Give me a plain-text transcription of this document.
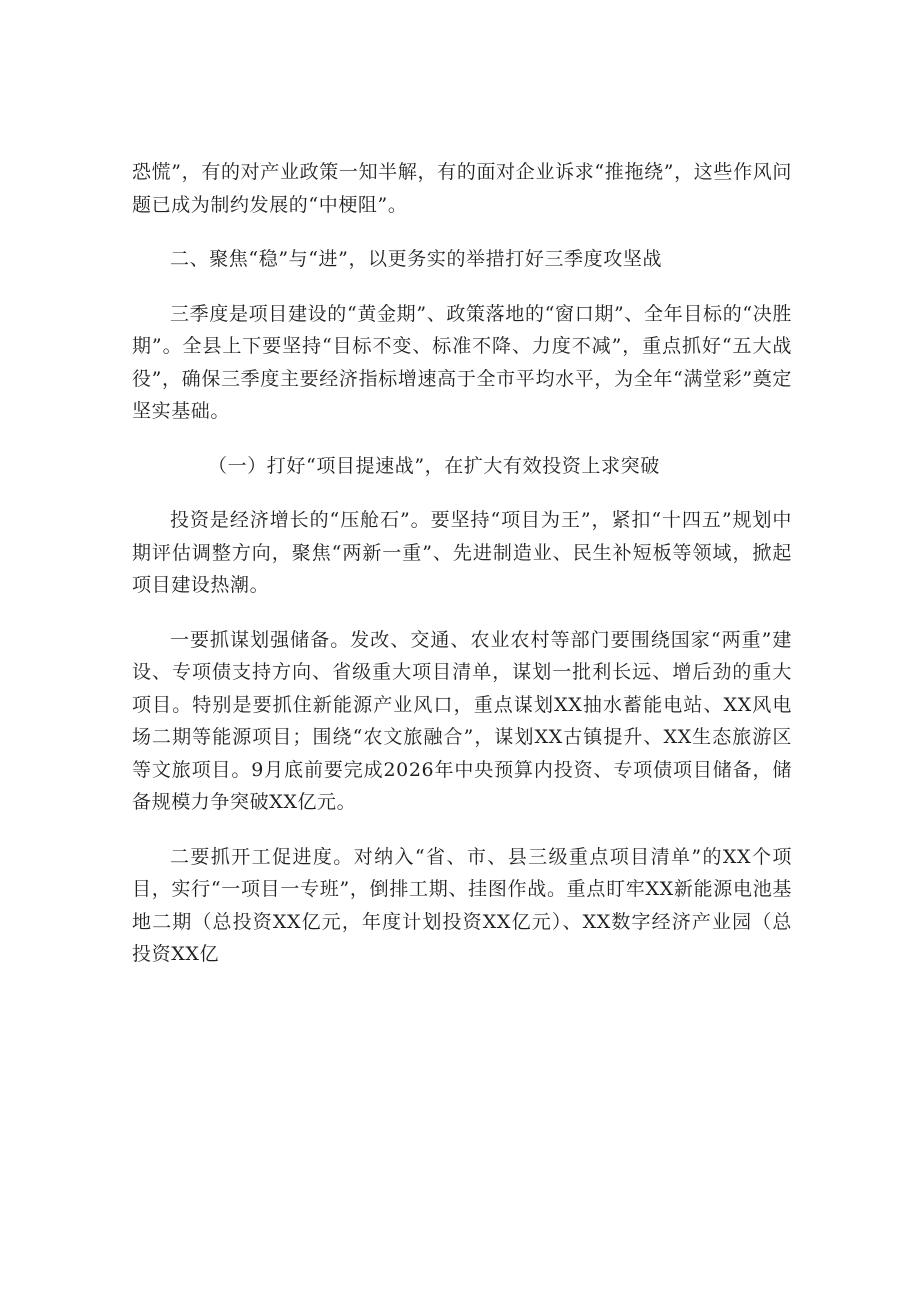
恐慌”，有的对产业政策一知半解，有的面对企业诉求“推拖绕”，这些作风问题已成为制约发展的“中梗阻”。

二、聚焦“稳”与“进”，以更务实的举措打好三季度攻坚战

三季度是项目建设的“黄金期”、政策落地的“窗口期”、全年目标的“决胜期”。全县上下要坚持“目标不变、标准不降、力度不减”，重点抓好“五大战役”，确保三季度主要经济指标增速高于全市平均水平，为全年“满堂彩”奠定坚实基础。

（一）打好“项目提速战”，在扩大有效投资上求突破

投资是经济增长的“压舱石”。要坚持“项目为王”，紧扣“十四五”规划中期评估调整方向，聚焦“两新一重”、先进制造业、民生补短板等领域，掀起项目建设热潮。

一要抓谋划强储备。发改、交通、农业农村等部门要围绕国家“两重”建设、专项债支持方向、省级重大项目清单，谋划一批利长远、增后劲的重大项目。特别是要抓住新能源产业风口，重点谋划XX抽水蓄能电站、XX风电场二期等能源项目；围绕“农文旅融合”，谋划XX古镇提升、XX生态旅游区等文旅项目。9月底前要完成2026年中央预算内投资、专项债项目储备，储备规模力争突破XX亿元。

二要抓开工促进度。对纳入“省、市、县三级重点项目清单”的XX个项目，实行“一项目一专班”，倒排工期、挂图作战。重点盯牢XX新能源电池基地二期（总投资XX亿元，年度计划投资XX亿元）、XX数字经济产业园（总投资XX亿
